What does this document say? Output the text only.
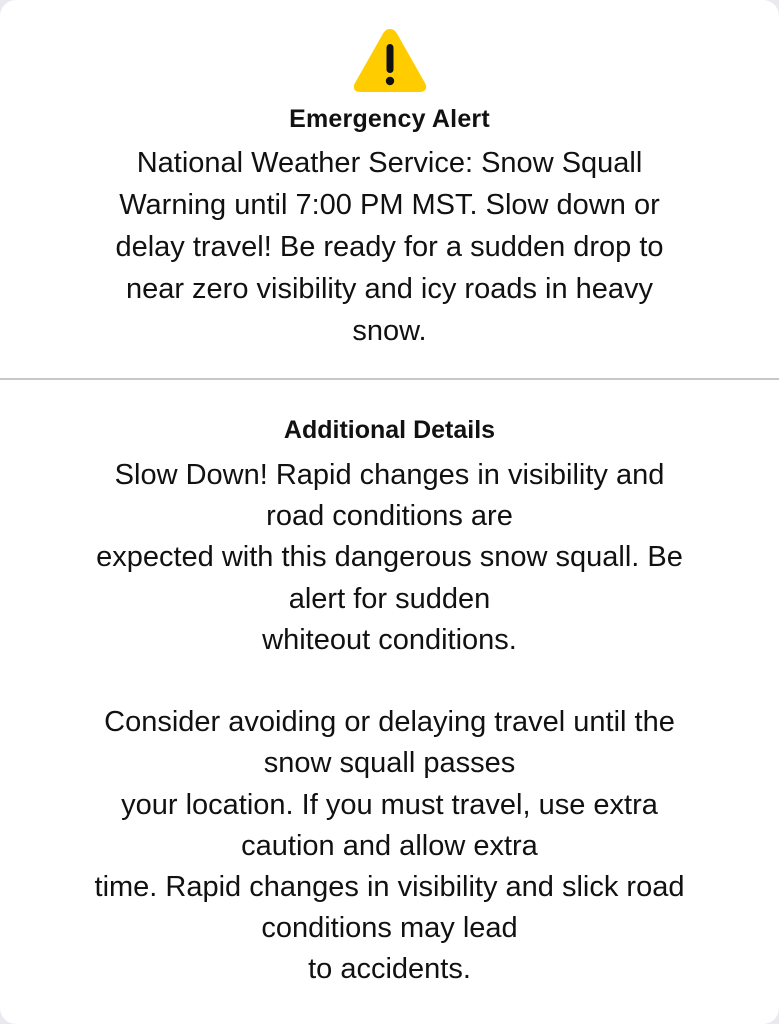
Emergency Alert
National Weather Service: Snow Squall
Warning until 7:00 PM MST. Slow down or
delay travel! Be ready for a sudden drop to
near zero visibility and icy roads in heavy
snow.
Additional Details
Slow Down! Rapid changes in visibility and
road conditions are
expected with this dangerous snow squall. Be
alert for sudden
whiteout conditions.

Consider avoiding or delaying travel until the
snow squall passes
your location. If you must travel, use extra
caution and allow extra
time. Rapid changes in visibility and slick road
conditions may lead
to accidents.
